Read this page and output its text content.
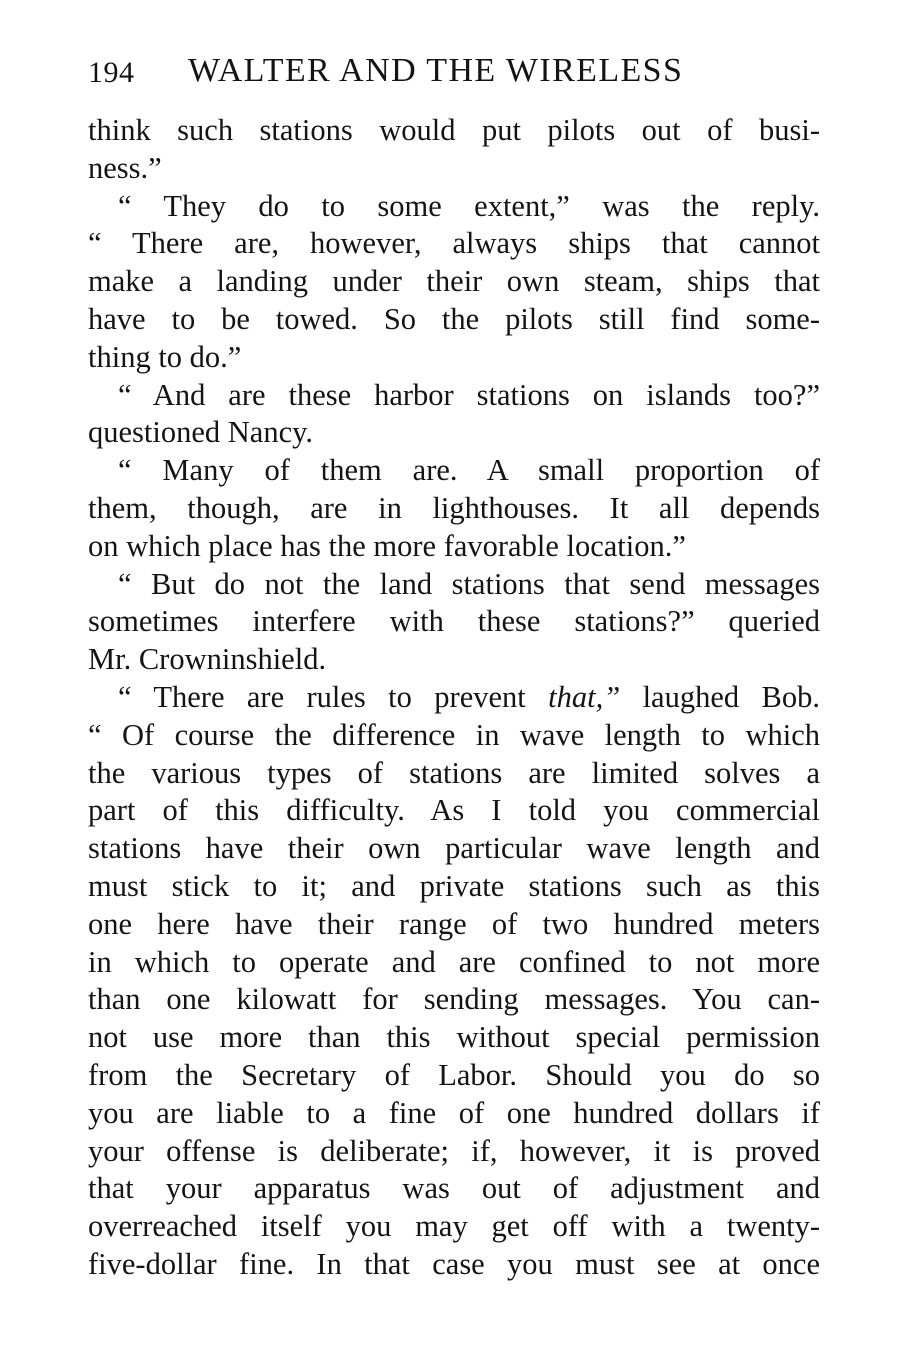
194 WALTER AND THE WIRELESS
think such stations would put pilots out of busi-
ness.”
“ They do to some extent,” was the reply.
“ There are, however, always ships that cannot
make a landing under their own steam, ships that
have to be towed. So the pilots still find some-
thing to do.”
“ And are these harbor stations on islands too?”
questioned Nancy.
“ Many of them are. A small proportion of
them, though, are in lighthouses. It all depends
on which place has the more favorable location.”
“ But do not the land stations that send messages
sometimes interfere with these stations?” queried
Mr. Crowninshield.
“ There are rules to prevent that,” laughed Bob.
“ Of course the difference in wave length to which
the various types of stations are limited solves a
part of this difficulty. As I told you commercial
stations have their own particular wave length and
must stick to it; and private stations such as this
one here have their range of two hundred meters
in which to operate and are confined to not more
than one kilowatt for sending messages. You can-
not use more than this without special permission
from the Secretary of Labor. Should you do so
you are liable to a fine of one hundred dollars if
your offense is deliberate; if, however, it is proved
that your apparatus was out of adjustment and
overreached itself you may get off with a twenty-
five-dollar fine. In that case you must see at once
